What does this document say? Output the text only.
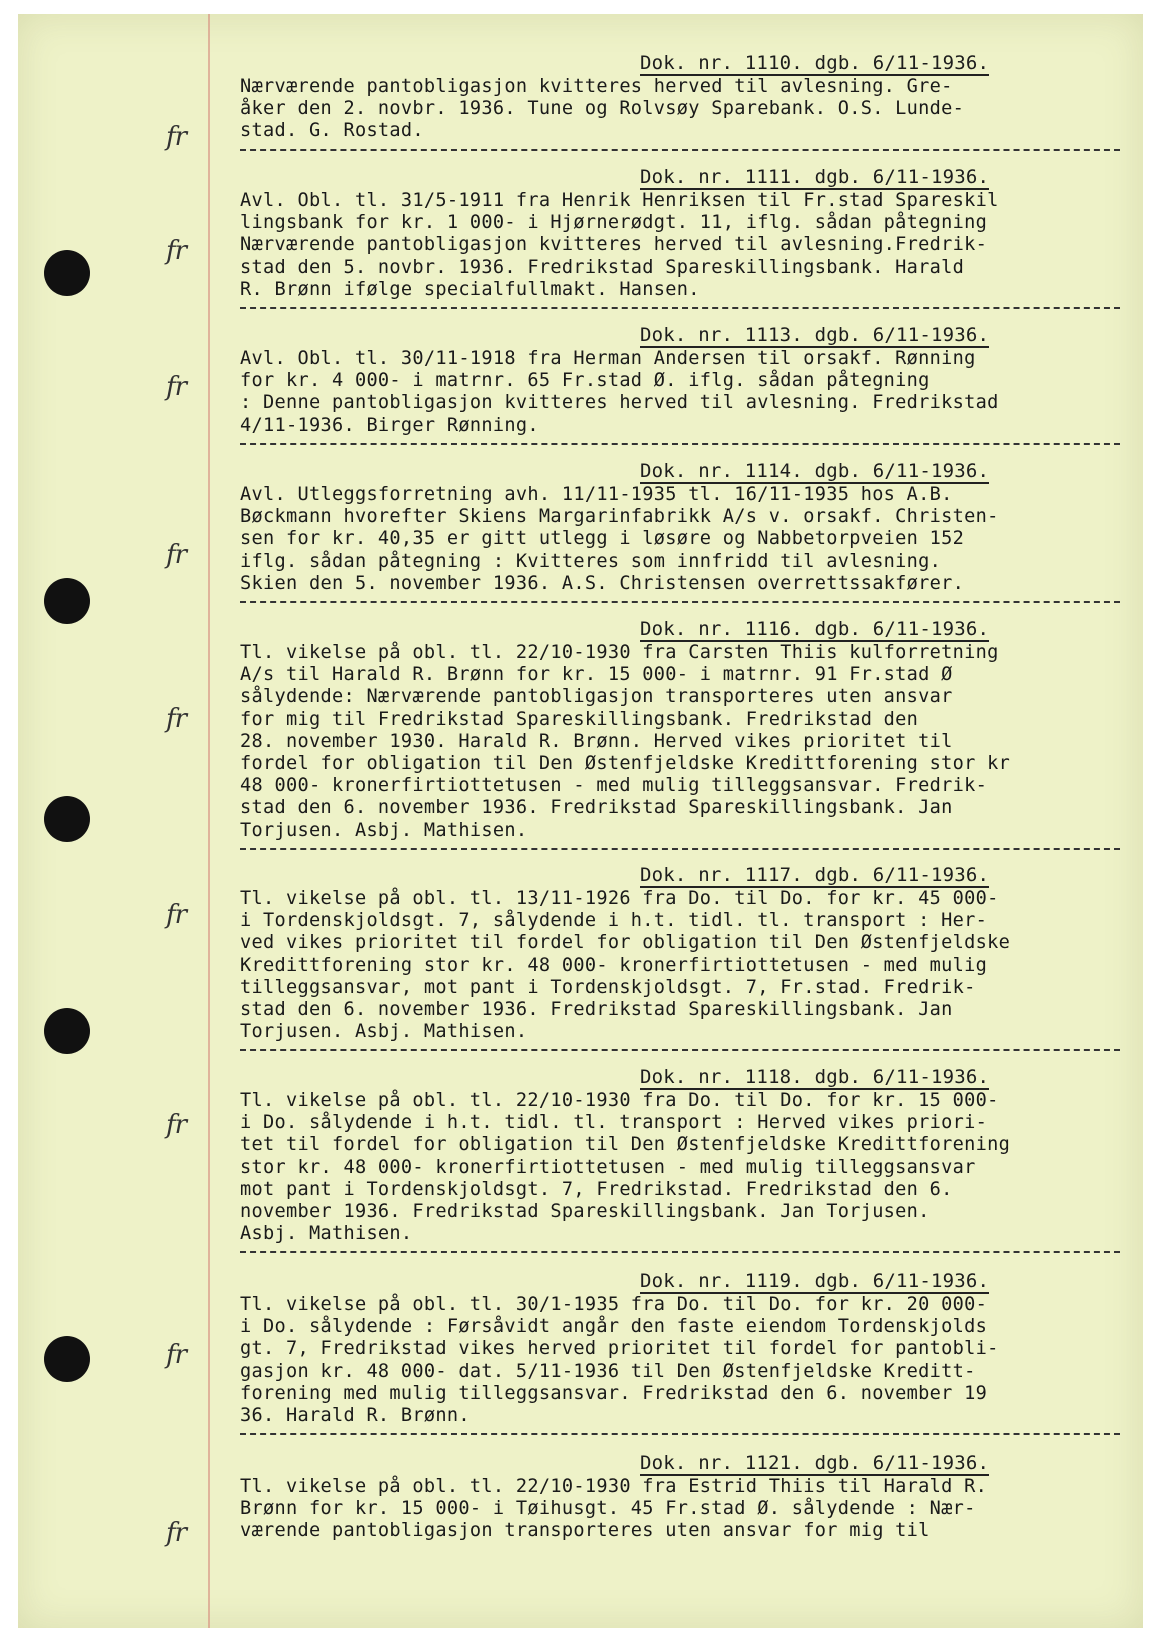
fr
fr
fr
fr
fr
fr
fr
fr
fr
Dok. nr. 1110. dgb. 6/11-1936.
Nærværende pantobligasjon kvitteres herved til avlesning. Gre-
åker den 2. novbr. 1936. Tune og Rolvsøy Sparebank. O.S. Lunde-
stad. G. Rostad.
Dok. nr. 1111. dgb. 6/11-1936.
Avl. Obl. tl. 31/5-1911 fra Henrik Henriksen til Fr.stad Spareskil
lingsbank for kr. 1 000- i Hjørnerødgt. 11, iflg. sådan påtegning
Nærværende pantobligasjon kvitteres herved til avlesning.Fredrik-
stad den 5. novbr. 1936. Fredrikstad Spareskillingsbank. Harald
R. Brønn ifølge specialfullmakt. Hansen.
Dok. nr. 1113. dgb. 6/11-1936.
Avl. Obl. tl. 30/11-1918 fra Herman Andersen til orsakf. Rønning
for kr. 4 000- i matrnr. 65 Fr.stad Ø. iflg. sådan påtegning
: Denne pantobligasjon kvitteres herved til avlesning. Fredrikstad
4/11-1936. Birger Rønning.
Dok. nr. 1114. dgb. 6/11-1936.
Avl. Utleggsforretning avh. 11/11-1935 tl. 16/11-1935 hos A.B.
Bøckmann hvorefter Skiens Margarinfabrikk A/s v. orsakf. Christen-
sen for kr. 40,35 er gitt utlegg i løsøre og Nabbetorpveien 152
iflg. sådan påtegning : Kvitteres som innfridd til avlesning.
Skien den 5. november 1936. A.S. Christensen overrettssakfører.
Dok. nr. 1116. dgb. 6/11-1936.
Tl. vikelse på obl. tl. 22/10-1930 fra Carsten Thiis kulforretning
A/s til Harald R. Brønn for kr. 15 000- i matrnr. 91 Fr.stad Ø
sålydende: Nærværende pantobligasjon transporteres uten ansvar
for mig til Fredrikstad Spareskillingsbank. Fredrikstad den
28. november 1930. Harald R. Brønn. Herved vikes prioritet til
fordel for obligation til Den Østenfjeldske Kredittforening stor kr
48 000- kronerfirtiottetusen - med mulig tilleggsansvar. Fredrik-
stad den 6. november 1936. Fredrikstad Spareskillingsbank. Jan
Torjusen. Asbj. Mathisen.
Dok. nr. 1117. dgb. 6/11-1936.
Tl. vikelse på obl. tl. 13/11-1926 fra Do. til Do. for kr. 45 000-
i Tordenskjoldsgt. 7, sålydende i h.t. tidl. tl. transport : Her-
ved vikes prioritet til fordel for obligation til Den Østenfjeldske
Kredittforening stor kr. 48 000- kronerfirtiottetusen - med mulig
tilleggsansvar, mot pant i Tordenskjoldsgt. 7, Fr.stad. Fredrik-
stad den 6. november 1936. Fredrikstad Spareskillingsbank. Jan
Torjusen. Asbj. Mathisen.
Dok. nr. 1118. dgb. 6/11-1936.
Tl. vikelse på obl. tl. 22/10-1930 fra Do. til Do. for kr. 15 000-
i Do. sålydende i h.t. tidl. tl. transport : Herved vikes priori-
tet til fordel for obligation til Den Østenfjeldske Kredittforening
stor kr. 48 000- kronerfirtiottetusen - med mulig tilleggsansvar
mot pant i Tordenskjoldsgt. 7, Fredrikstad. Fredrikstad den 6.
november 1936. Fredrikstad Spareskillingsbank. Jan Torjusen.
Asbj. Mathisen.
Dok. nr. 1119. dgb. 6/11-1936.
Tl. vikelse på obl. tl. 30/1-1935 fra Do. til Do. for kr. 20 000-
i Do. sålydende : Førsåvidt angår den faste eiendom Tordenskjolds
gt. 7, Fredrikstad vikes herved prioritet til fordel for pantobli-
gasjon kr. 48 000- dat. 5/11-1936 til Den Østenfjeldske Kreditt-
forening med mulig tilleggsansvar. Fredrikstad den 6. november 19
36. Harald R. Brønn.
Dok. nr. 1121. dgb. 6/11-1936.
Tl. vikelse på obl. tl. 22/10-1930 fra Estrid Thiis til Harald R.
Brønn for kr. 15 000- i Tøihusgt. 45 Fr.stad Ø. sålydende : Nær-
værende pantobligasjon transporteres uten ansvar for mig til
